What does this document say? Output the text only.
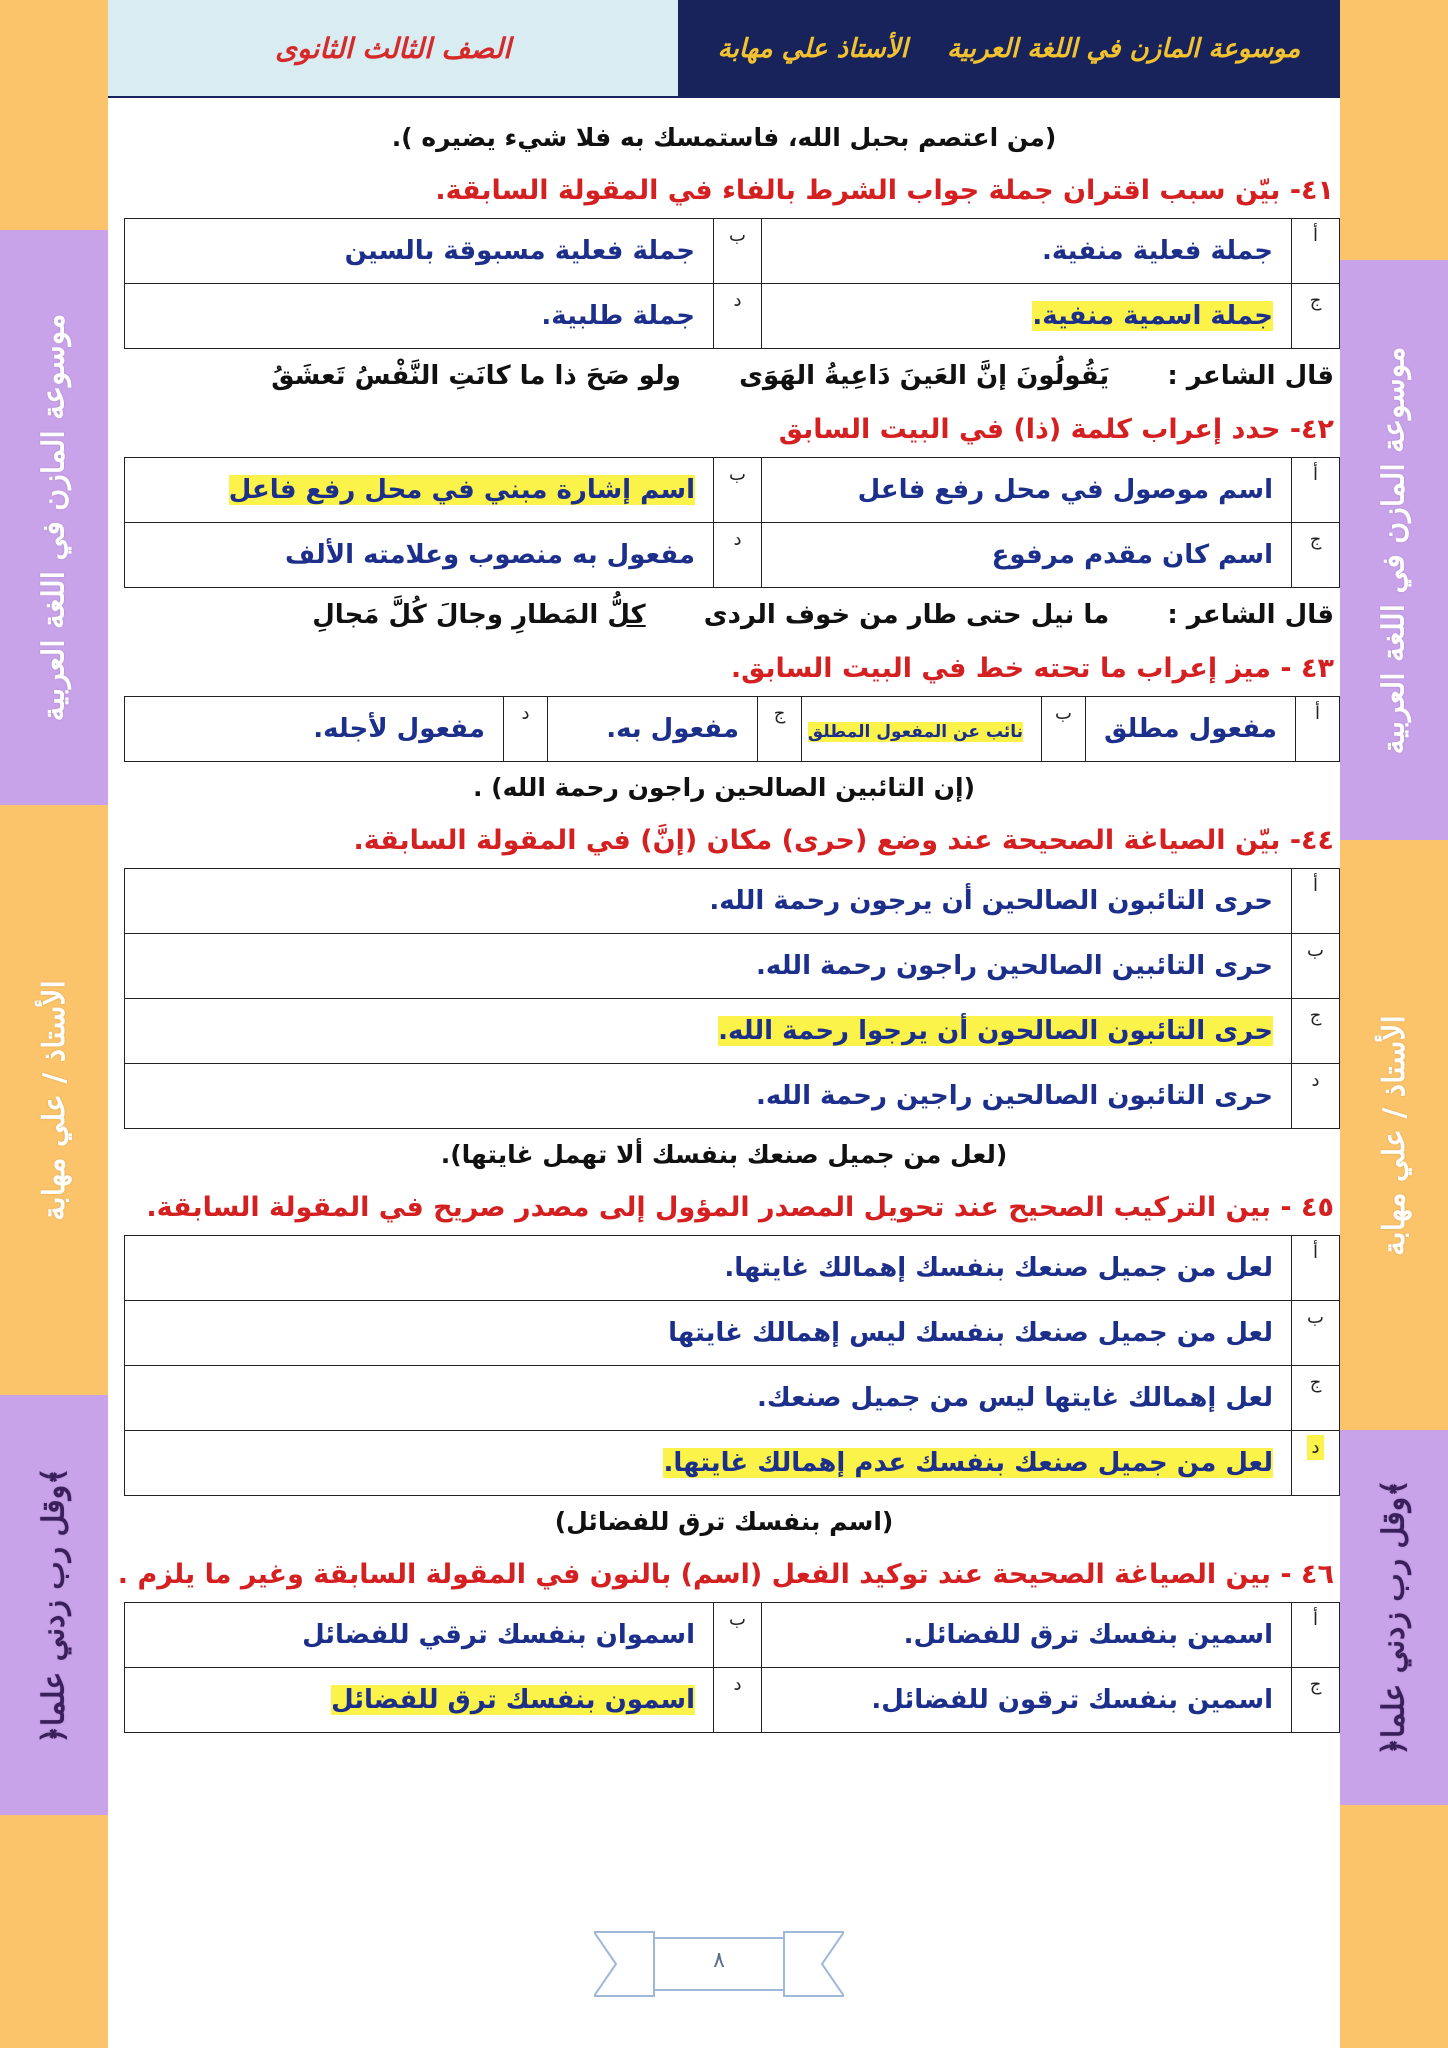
موسوعة المازن في اللغة العربية
الأستاذ / علي مهابة
﴿وقل رب زدني علما﴾
موسوعة المازن في اللغة العربية
الأستاذ / علي مهابة
﴿وقل رب زدني علما﴾
الصف الثالث الثانوى	الأستاذ علي مهابة موسوعة المازن في اللغة العربية
(من اعتصم بحبل الله، فاستمسك به فلا شيء يضيره ).
٤١- بيّن سبب اقتران جملة جواب الشرط بالفاء في المقولة السابقة.
أ	جملة فعلية منفية.	ب	جملة فعلية مسبوقة بالسين
ج	جملة اسمية منفية.	د	جملة طلبية.
قال الشاعر :  يَقُولُونَ إنَّ العَينَ دَاعِيةُ الهَوَى  ولو صَحَ ذا ما كانَتِ النَّفْسُ تَعشَقُ
٤٢- حدد إعراب كلمة (ذا) في البيت السابق
أ	اسم موصول في محل رفع فاعل	ب	اسم إشارة مبني في محل رفع فاعل
ج	اسم كان مقدم مرفوع	د	مفعول به منصوب وعلامته الألف
قال الشاعر :  ما نيل حتى طار من خوف الردى  كلُّ المَطارِ وجالَ كُلَّ مَجالِ
٤٣ - ميز إعراب ما تحته خط في البيت السابق.
أ	مفعول مطلق	ب	نائب عن المفعول المطلق	ج	مفعول به.	د	مفعول لأجله.
(إن التائبين الصالحين راجون رحمة الله) .
٤٤- بيّن الصياغة الصحيحة عند وضع (حرى) مكان (إنَّ) في المقولة السابقة.
أ	حرى التائبون الصالحين أن يرجون رحمة الله.
ب	حرى التائبين الصالحين راجون رحمة الله.
ج	حرى التائبون الصالحون أن يرجوا رحمة الله.
د	حرى التائبون الصالحين راجين رحمة الله.
(لعل من جميل صنعك بنفسك ألا تهمل غايتها).
٤٥ - بين التركيب الصحيح عند تحويل المصدر المؤول إلى مصدر صريح في المقولة السابقة.
أ	لعل من جميل صنعك بنفسك إهمالك غايتها.
ب	لعل من جميل صنعك بنفسك ليس إهمالك غايتها
ج	لعل إهمالك غايتها ليس من جميل صنعك.
د	لعل من جميل صنعك بنفسك عدم إهمالك غايتها.
(اسم بنفسك ترق للفضائل)
٤٦ - بين الصياغة الصحيحة عند توكيد الفعل (اسم) بالنون في المقولة السابقة وغير ما يلزم .
أ	اسمين بنفسك ترق للفضائل.	ب	اسموان بنفسك ترقي للفضائل
ج	اسمين بنفسك ترقون للفضائل.	د	اسمون بنفسك ترق للفضائل
٨
